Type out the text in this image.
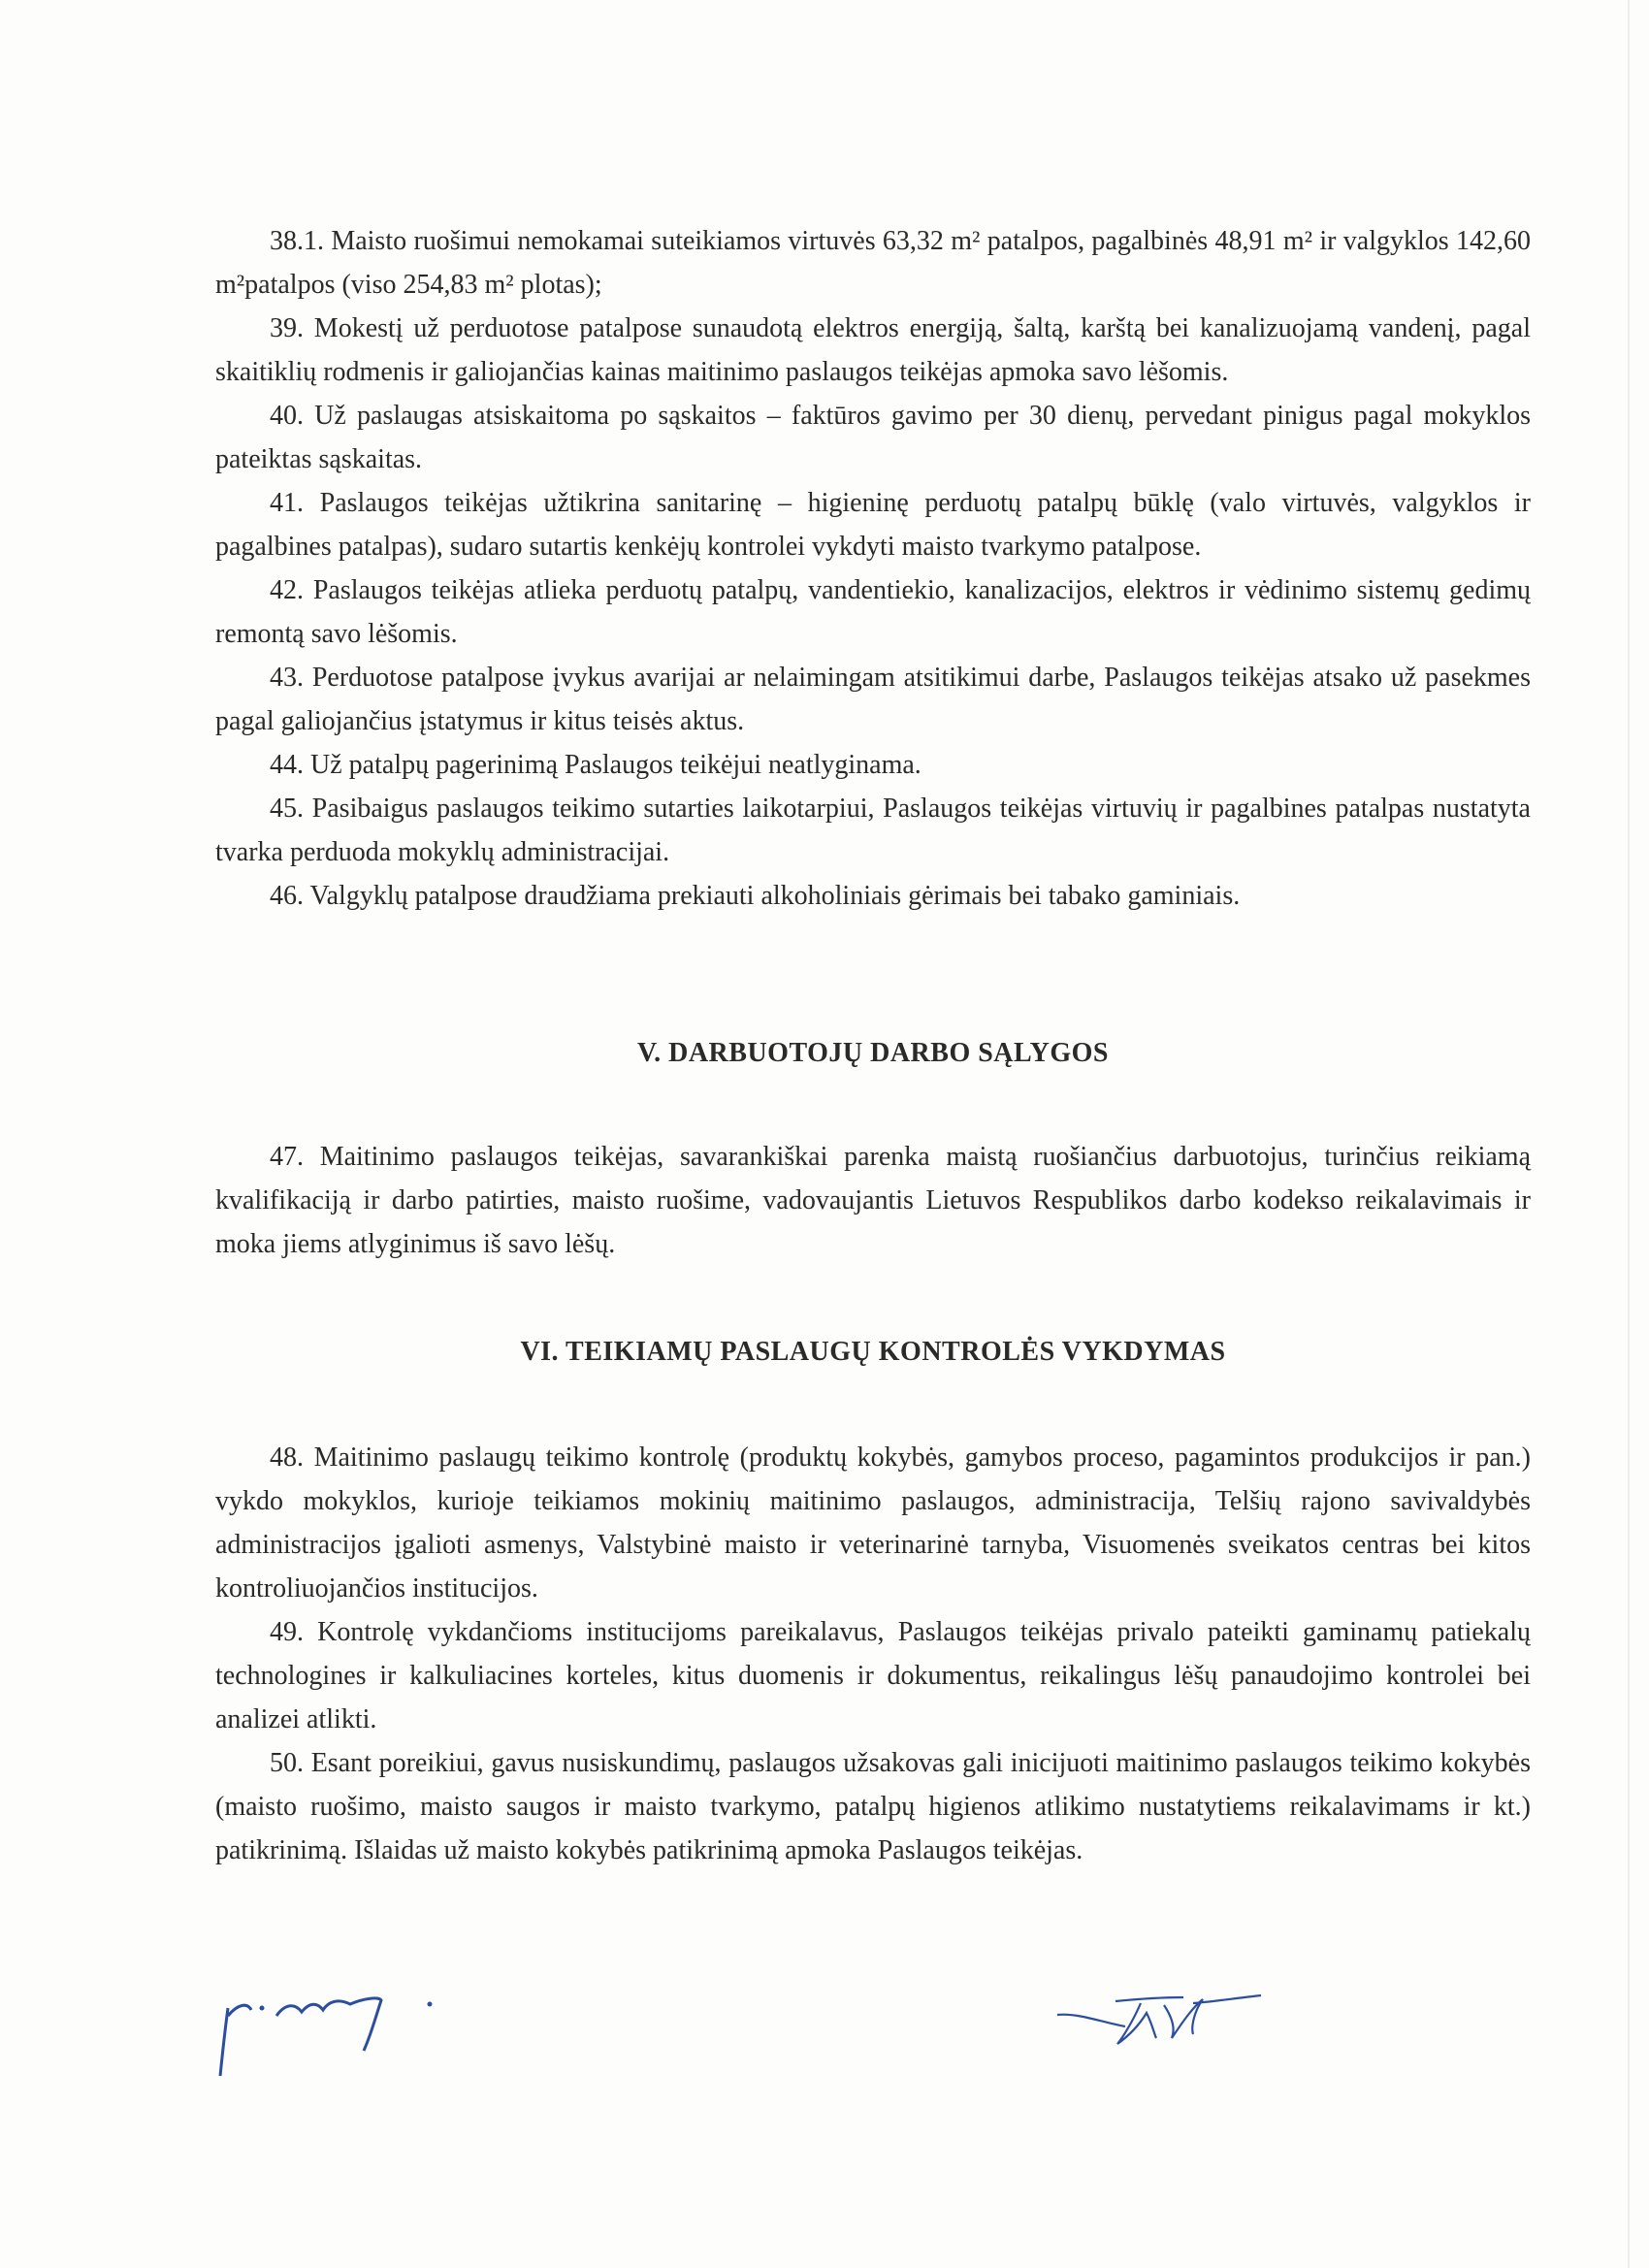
38.1. Maisto ruošimui nemokamai suteikiamos virtuvės 63,32 m² patalpos, pagalbinės 48,91 m² ir valgyklos 142,60 m²patalpos (viso 254,83 m² plotas);

39. Mokestį už perduotose patalpose sunaudotą elektros energiją, šaltą, karštą bei kanalizuojamą vandenį, pagal skaitiklių rodmenis ir galiojančias kainas maitinimo paslaugos teikėjas apmoka savo lėšomis.

40. Už paslaugas atsiskaitoma po sąskaitos – faktūros gavimo per 30 dienų, pervedant pinigus pagal mokyklos pateiktas sąskaitas.

41. Paslaugos teikėjas užtikrina sanitarinę – higieninę perduotų patalpų būklę (valo virtuvės, valgyklos ir pagalbines patalpas), sudaro sutartis kenkėjų kontrolei vykdyti maisto tvarkymo patalpose.

42. Paslaugos teikėjas atlieka perduotų patalpų, vandentiekio, kanalizacijos, elektros ir vėdinimo sistemų gedimų remontą savo lėšomis.

43. Perduotose patalpose įvykus avarijai ar nelaimingam atsitikimui darbe, Paslaugos teikėjas atsako už pasekmes pagal galiojančius įstatymus ir kitus teisės aktus.

44. Už patalpų pagerinimą Paslaugos teikėjui neatlyginama.

45. Pasibaigus paslaugos teikimo sutarties laikotarpiui, Paslaugos teikėjas virtuvių ir pagalbines patalpas nustatyta tvarka perduoda mokyklų administracijai.

46. Valgyklų patalpose draudžiama prekiauti alkoholiniais gėrimais bei tabako gaminiais.

V. DARBUOTOJŲ DARBO SĄLYGOS

47. Maitinimo paslaugos teikėjas, savarankiškai parenka maistą ruošiančius darbuotojus, turinčius reikiamą kvalifikaciją ir darbo patirties, maisto ruošime, vadovaujantis Lietuvos Respublikos darbo kodekso reikalavimais ir moka jiems atlyginimus iš savo lėšų.

VI. TEIKIAMŲ PASLAUGŲ KONTROLĖS VYKDYMAS

48. Maitinimo paslaugų teikimo kontrolę (produktų kokybės, gamybos proceso, pagamintos produkcijos ir pan.) vykdo mokyklos, kurioje teikiamos mokinių maitinimo paslaugos, administracija, Telšių rajono savivaldybės administracijos įgalioti asmenys, Valstybinė maisto ir veterinarinė tarnyba, Visuomenės sveikatos centras bei kitos kontroliuojančios institucijos.

49. Kontrolę vykdančioms institucijoms pareikalavus, Paslaugos teikėjas privalo pateikti gaminamų patiekalų technologines ir kalkuliacines korteles, kitus duomenis ir dokumentus, reikalingus lėšų panaudojimo kontrolei bei analizei atlikti.

50. Esant poreikiui, gavus nusiskundimų, paslaugos užsakovas gali inicijuoti maitinimo paslaugos teikimo kokybės (maisto ruošimo, maisto saugos ir maisto tvarkymo, patalpų higienos atlikimo nustatytiems reikalavimams ir kt.) patikrinimą. Išlaidas už maisto kokybės patikrinimą apmoka Paslaugos teikėjas.
